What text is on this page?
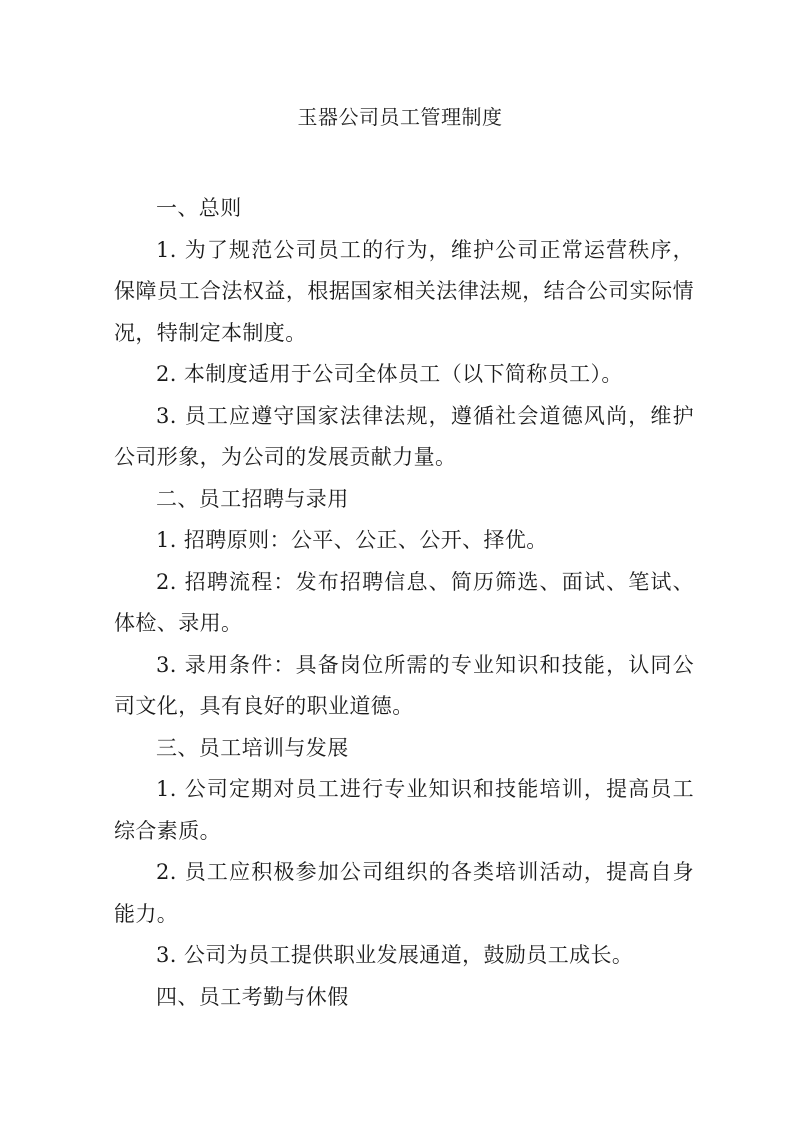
玉器公司员工管理制度

一、总则

1. 为了规范公司员工的行为，维护公司正常运营秩序，保障员工合法权益，根据国家相关法律法规，结合公司实际情况，特制定本制度。

2. 本制度适用于公司全体员工（以下简称员工）。

3. 员工应遵守国家法律法规，遵循社会道德风尚，维护公司形象，为公司的发展贡献力量。

二、员工招聘与录用

1. 招聘原则：公平、公正、公开、择优。

2. 招聘流程：发布招聘信息、简历筛选、面试、笔试、体检、录用。

3. 录用条件：具备岗位所需的专业知识和技能，认同公司文化，具有良好的职业道德。

三、员工培训与发展

1. 公司定期对员工进行专业知识和技能培训，提高员工综合素质。

2. 员工应积极参加公司组织的各类培训活动，提高自身能力。

3. 公司为员工提供职业发展通道，鼓励员工成长。

四、员工考勤与休假
